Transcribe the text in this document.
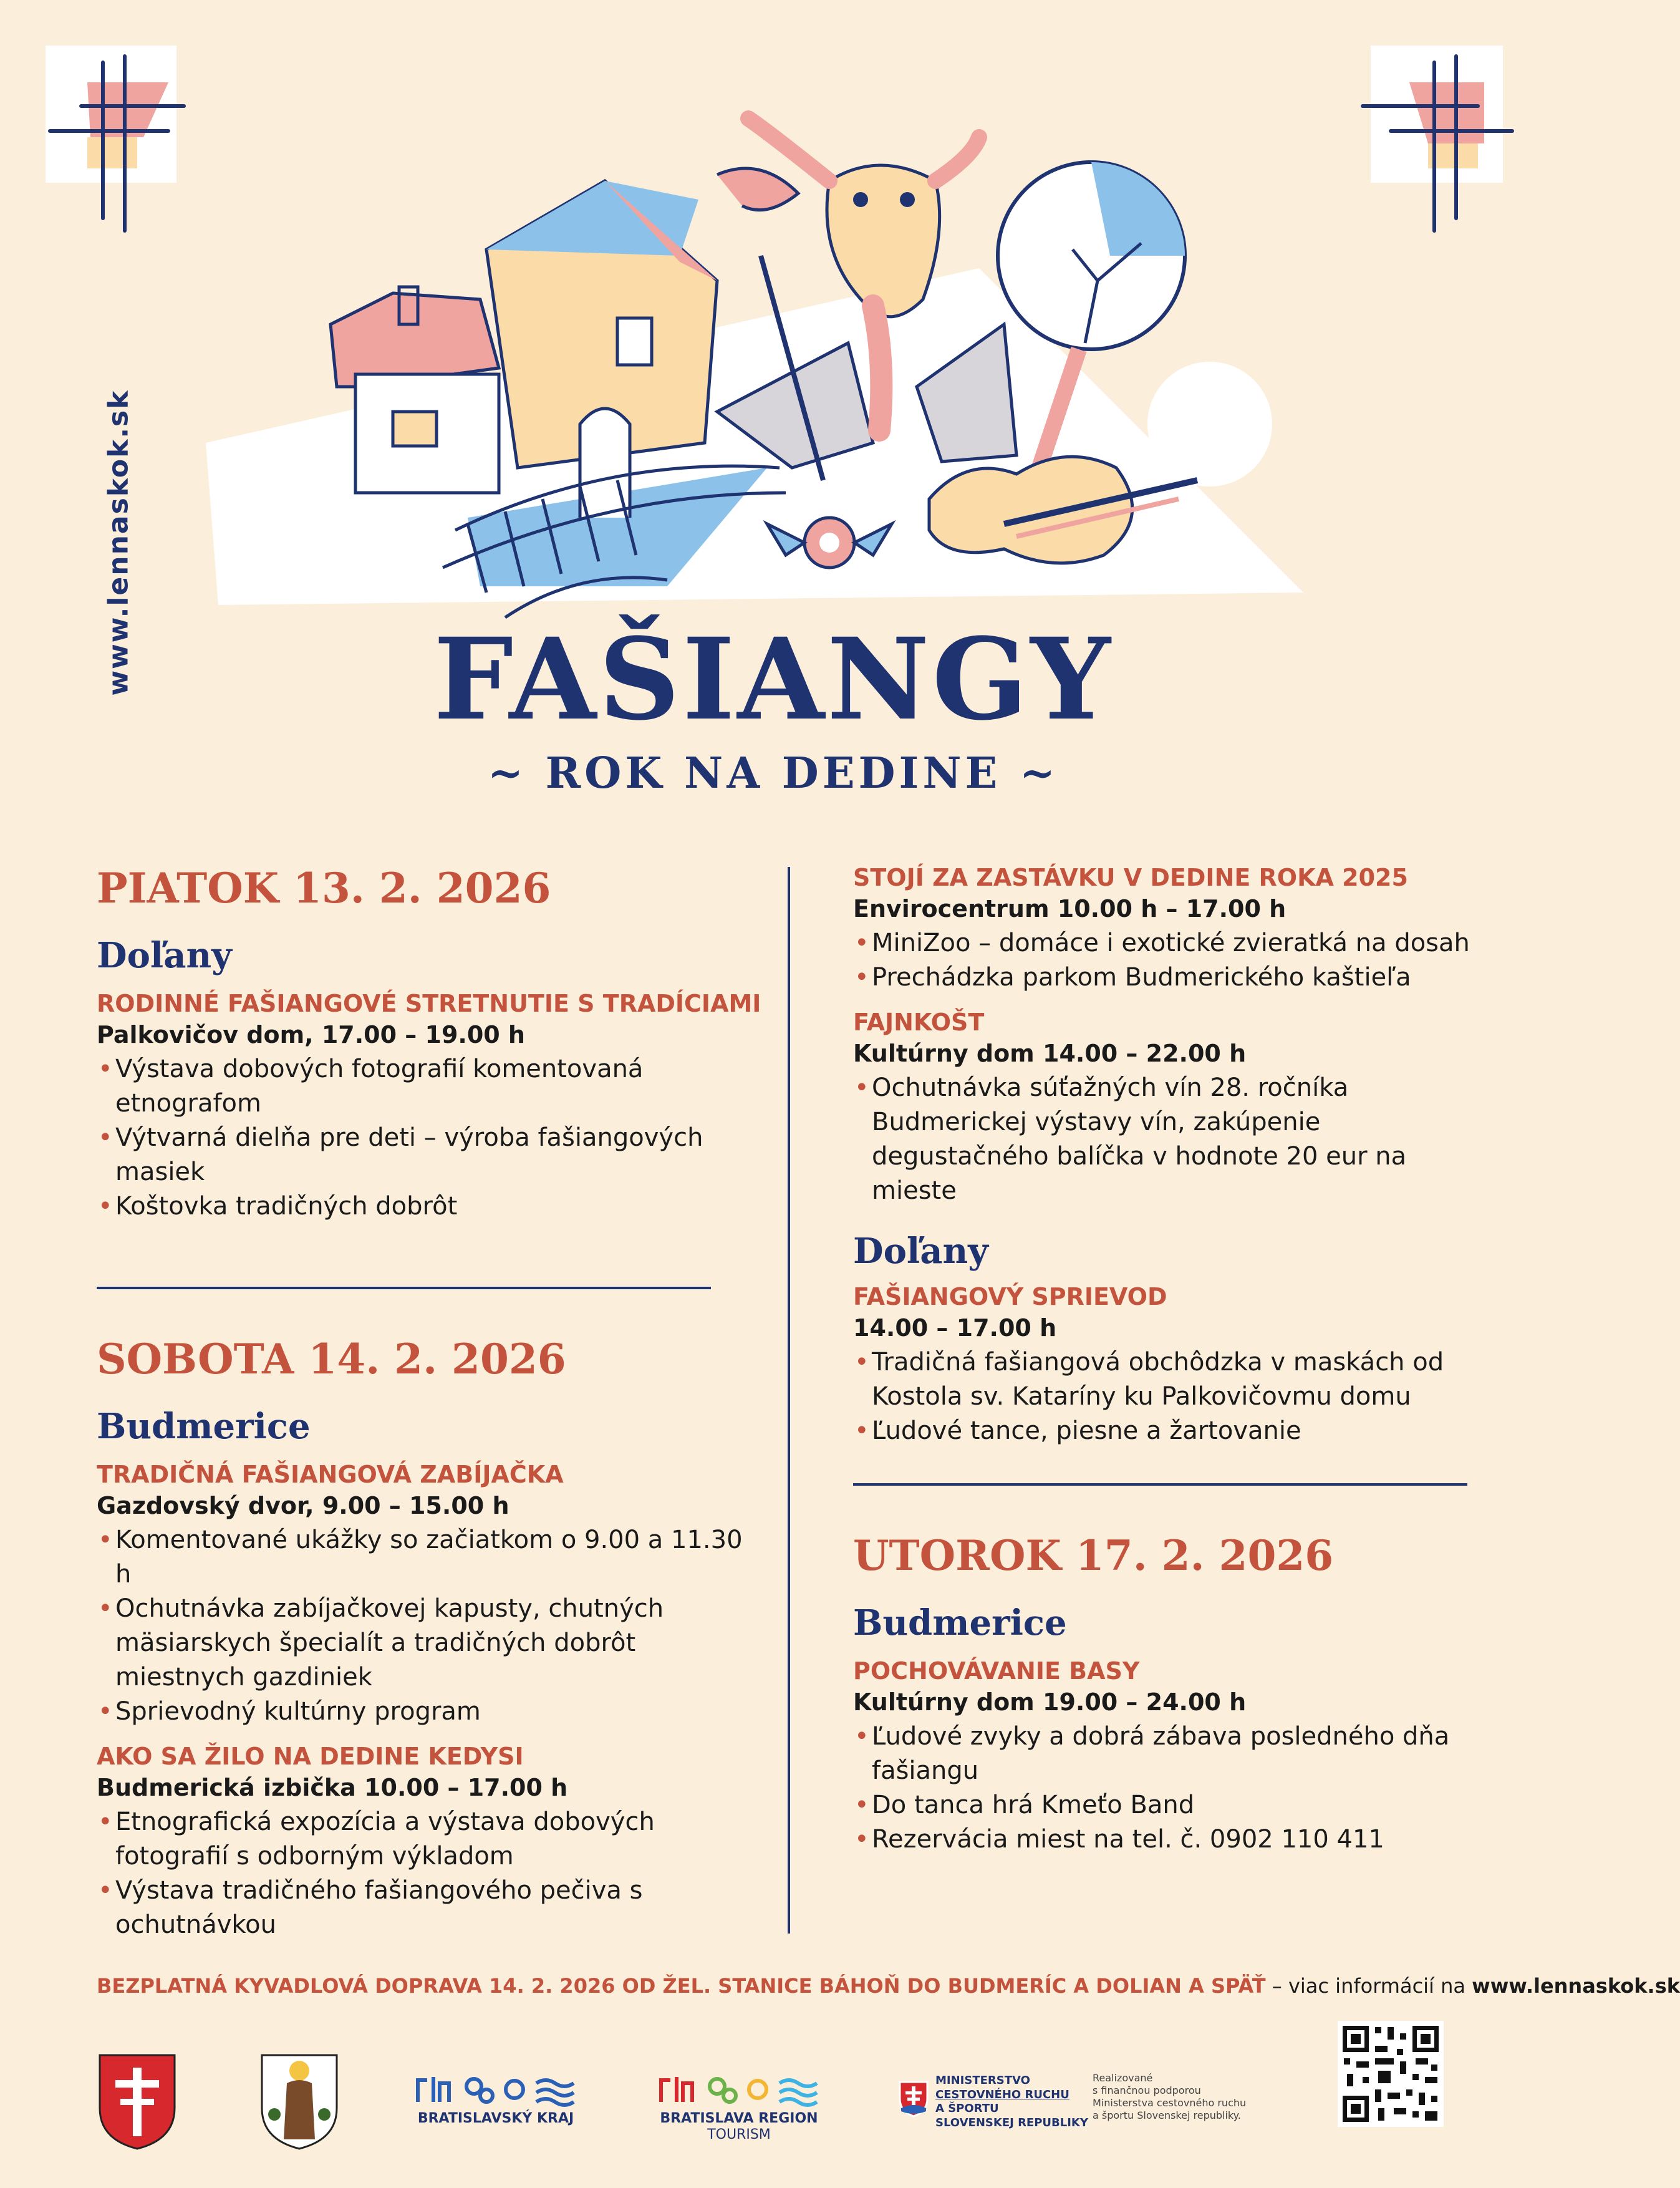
www.lennaskok.sk	FAŠIANGY
~ ROK NA DEDINE ~
PIATOK 13. 2. 2026
Doľany
RODINNÉ FAŠIANGOVÉ STRETNUTIE S TRADÍCIAMI
Palkovičov dom, 17.00 – 19.00 h
• Výstava dobových fotografií komentovaná etnografom
• Výtvarná dielňa pre deti – výroba fašiangových masiek
• Koštovka tradičných dobrôt
SOBOTA 14. 2. 2026
Budmerice
TRADIČNÁ FAŠIANGOVÁ ZABÍJAČKA
Gazdovský dvor, 9.00 – 15.00 h
• Komentované ukážky so začiatkom o 9.00 a 11.30 h
• Ochutnávka zabíjačkovej kapusty, chutných mäsiarskych špecialít a tradičných dobrôt miestnych gazdiniek
• Sprievodný kultúrny program
AKO SA ŽILO NA DEDINE KEDYSI
Budmerická izbička 10.00 – 17.00 h
• Etnografická expozícia a výstava dobových fotografií s odborným výkladom
• Výstava tradičného fašiangového pečiva s ochutnávkou
STOJÍ ZA ZASTÁVKU V DEDINE ROKA 2025
Envirocentrum 10.00 h – 17.00 h
• MiniZoo – domáce i exotické zvieratká na dosah
• Prechádzka parkom Budmerického kaštieľa
FAJNKOŠT
Kultúrny dom 14.00 – 22.00 h
• Ochutnávka súťažných vín 28. ročníka Budmerickej výstavy vín, zakúpenie degustačného balíčka v hodnote 20 eur na mieste
Doľany
FAŠIANGOVÝ SPRIEVOD
14.00 – 17.00 h
• Tradičná fašiangová obchôdzka v maskách od Kostola sv. Kataríny ku Palkovičovmu domu
• Ľudové tance, piesne a žartovanie
UTOROK 17. 2. 2026
Budmerice
POCHOVÁVANIE BASY
Kultúrny dom 19.00 – 24.00 h
• Ľudové zvyky a dobrá zábava posledného dňa fašiangu
• Do tanca hrá Kmeťo Band
• Rezervácia miest na tel. č. 0902 110 411
BEZPLATNÁ KYVADLOVÁ DOPRAVA 14. 2. 2026 OD ŽEL. STANICE BÁHOŇ DO BUDMERÍC A DOLIAN A SPÄŤ – viac informácií na www.lennaskok.sk
BRATISLAVSKÝ KRAJ	BRATISLAVA REGION
TOURISM
MINISTERSTVO
CESTOVNÉHO RUCHU
A ŠPORTU
SLOVENSKEJ REPUBLIKY
Realizované
s finančnou podporou
Ministerstva cestovného ruchu
a športu Slovenskej republiky.
